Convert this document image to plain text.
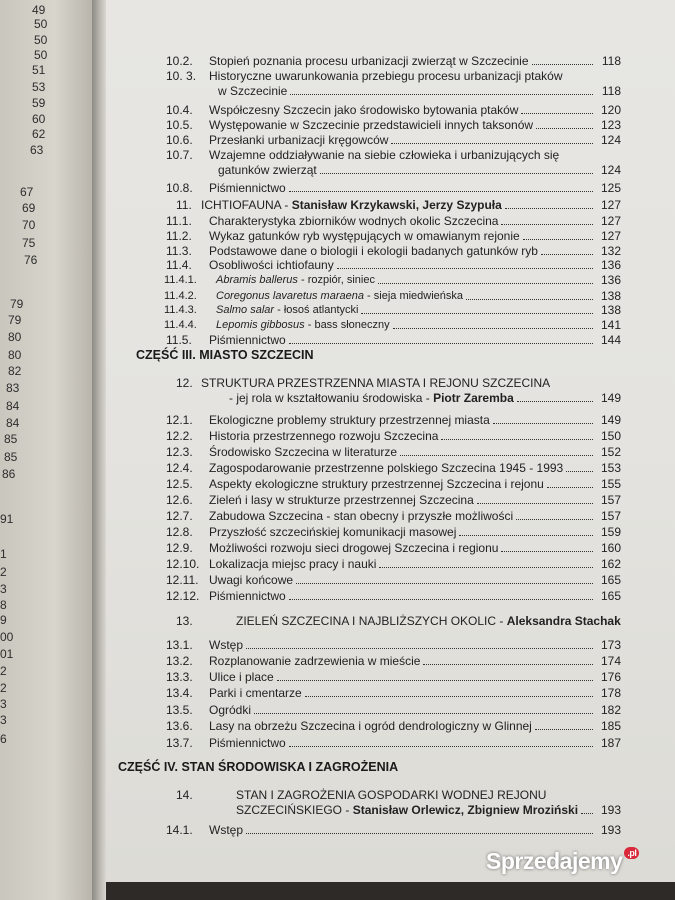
49
50
50
50
51
53
59
60
62
63
67
69
70
75
76
79
79
80
80
82
83
84
84
85
85
86
91
1
2
3
8
9
00
01
2
2
3
3
6
10.2.	Stopień poznania procesu urbanizacji zwierząt w Szczecinie	118
10. 3.	Historyczne uwarunkowania przebiegu procesu urbanizacji ptaków
w Szczecinie	118
10.4.	Współczesny Szczecin jako środowisko bytowania ptaków	120
10.5.	Występowanie w Szczecinie przedstawicieli innych taksonów	123
10.6.	Przesłanki urbanizacji kręgowców	124
10.7.	Wzajemne oddziaływanie na siebie człowieka i urbanizujących się
gatunków zwierząt	124
10.8.	Piśmiennictwo	125
11. ICHTIOFAUNA - Stanisław Krzykawski, Jerzy Szypuła	127
11.1.	Charakterystyka zbiorników wodnych okolic Szczecina	127
11.2.	Wykaz gatunków ryb występujących w omawianym rejonie	127
11.3.	Podstawowe dane o biologii i ekologii badanych gatunków ryb	132
11.4.	Osobliwości ichtiofauny	136
11.4.1.	Abramis ballerus - rozpiór, siniec	136
11.4.2.	Coregonus lavaretus maraena - sieja miedwieńska	138
11.4.3.	Salmo salar - łosoś atlantycki	138
11.4.4.	Lepomis gibbosus - bass słoneczny	141
11.5.	Piśmiennictwo	144
CZĘŚĆ III. MIASTO SZCZECIN
12. STRUKTURA PRZESTRZENNA MIASTA I REJONU SZCZECINA
- jej rola w kształtowaniu środowiska - Piotr Zaremba	149
12.1.	Ekologiczne problemy struktury przestrzennej miasta	149
12.2.	Historia przestrzennego rozwoju Szczecina	150
12.3.	Środowisko Szczecina w literaturze	152
12.4.	Zagospodarowanie przestrzenne polskiego Szczecina 1945 - 1993	153
12.5.	Aspekty ekologiczne struktury przestrzennej Szczecina i rejonu	155
12.6.	Zieleń i lasy w strukturze przestrzennej Szczecina	157
12.7.	Zabudowa Szczecina - stan obecny i przyszłe możliwości	157
12.8.	Przyszłość szczecińskiej komunikacji masowej	159
12.9.	Możliwości rozwoju sieci drogowej Szczecina i regionu	160
12.10. Lokalizacja miejsc pracy i nauki	162
12.11. Uwagi końcowe	165
12.12. Piśmiennictwo	165
13.	ZIELEŃ SZCZECINA I NAJBLIŻSZYCH OKOLIC - Aleksandra Stachak
13.1.	Wstęp	173
13.2.	Rozplanowanie zadrzewienia w mieście	174
13.3.	Ulice i place	176
13.4.	Parki i cmentarze	178
13.5.	Ogródki	182
13.6.	Lasy na obrzeżu Szczecina i ogród dendrologiczny w Glinnej	185
13.7.	Piśmiennictwo	187
CZĘŚĆ IV. STAN ŚRODOWISKA I ZAGROŻENIA
14.	STAN I ZAGROŻENIA GOSPODARKI WODNEJ REJONU
SZCZECIŃSKIEGO - Stanisław Orlewicz, Zbigniew Mroziński	193
14.1.	Wstęp	193
Sprzedajemy $^{.pl}$
